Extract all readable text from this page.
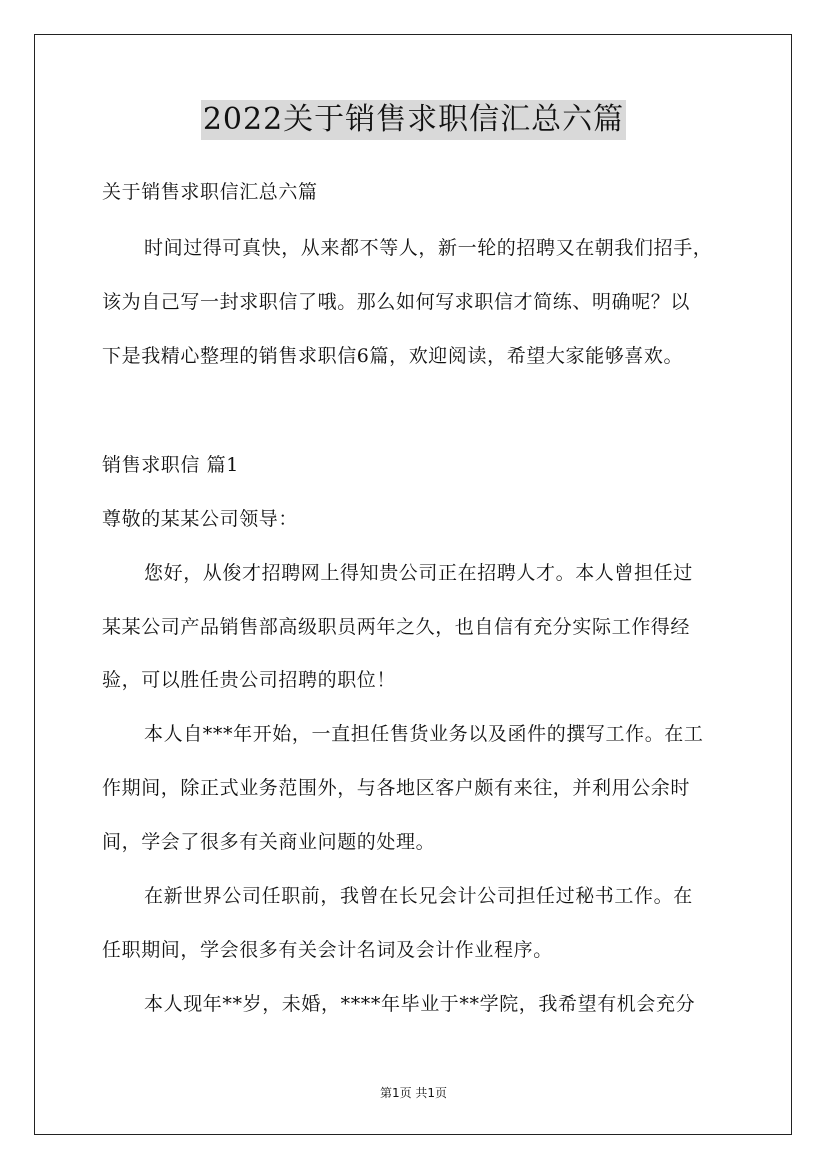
2022关于销售求职信汇总六篇
关于销售求职信汇总六篇
时间过得可真快，从来都不等人，新一轮的招聘又在朝我们招手，
该为自己写一封求职信了哦。那么如何写求职信才简练、明确呢？以
下是我精心整理的销售求职信6篇，欢迎阅读，希望大家能够喜欢。
销售求职信 篇1
尊敬的某某公司领导：
您好，从俊才招聘网上得知贵公司正在招聘人才。本人曾担任过
某某公司产品销售部高级职员两年之久，也自信有充分实际工作得经
验，可以胜任贵公司招聘的职位！
本人自***年开始，一直担任售货业务以及函件的撰写工作。在工
作期间，除正式业务范围外，与各地区客户颇有来往，并利用公余时
间，学会了很多有关商业问题的处理。
在新世界公司任职前，我曾在长兄会计公司担任过秘书工作。在
任职期间，学会很多有关会计名词及会计作业程序。
本人现年**岁，未婚，****年毕业于**学院，我希望有机会充分
第1页 共1页
